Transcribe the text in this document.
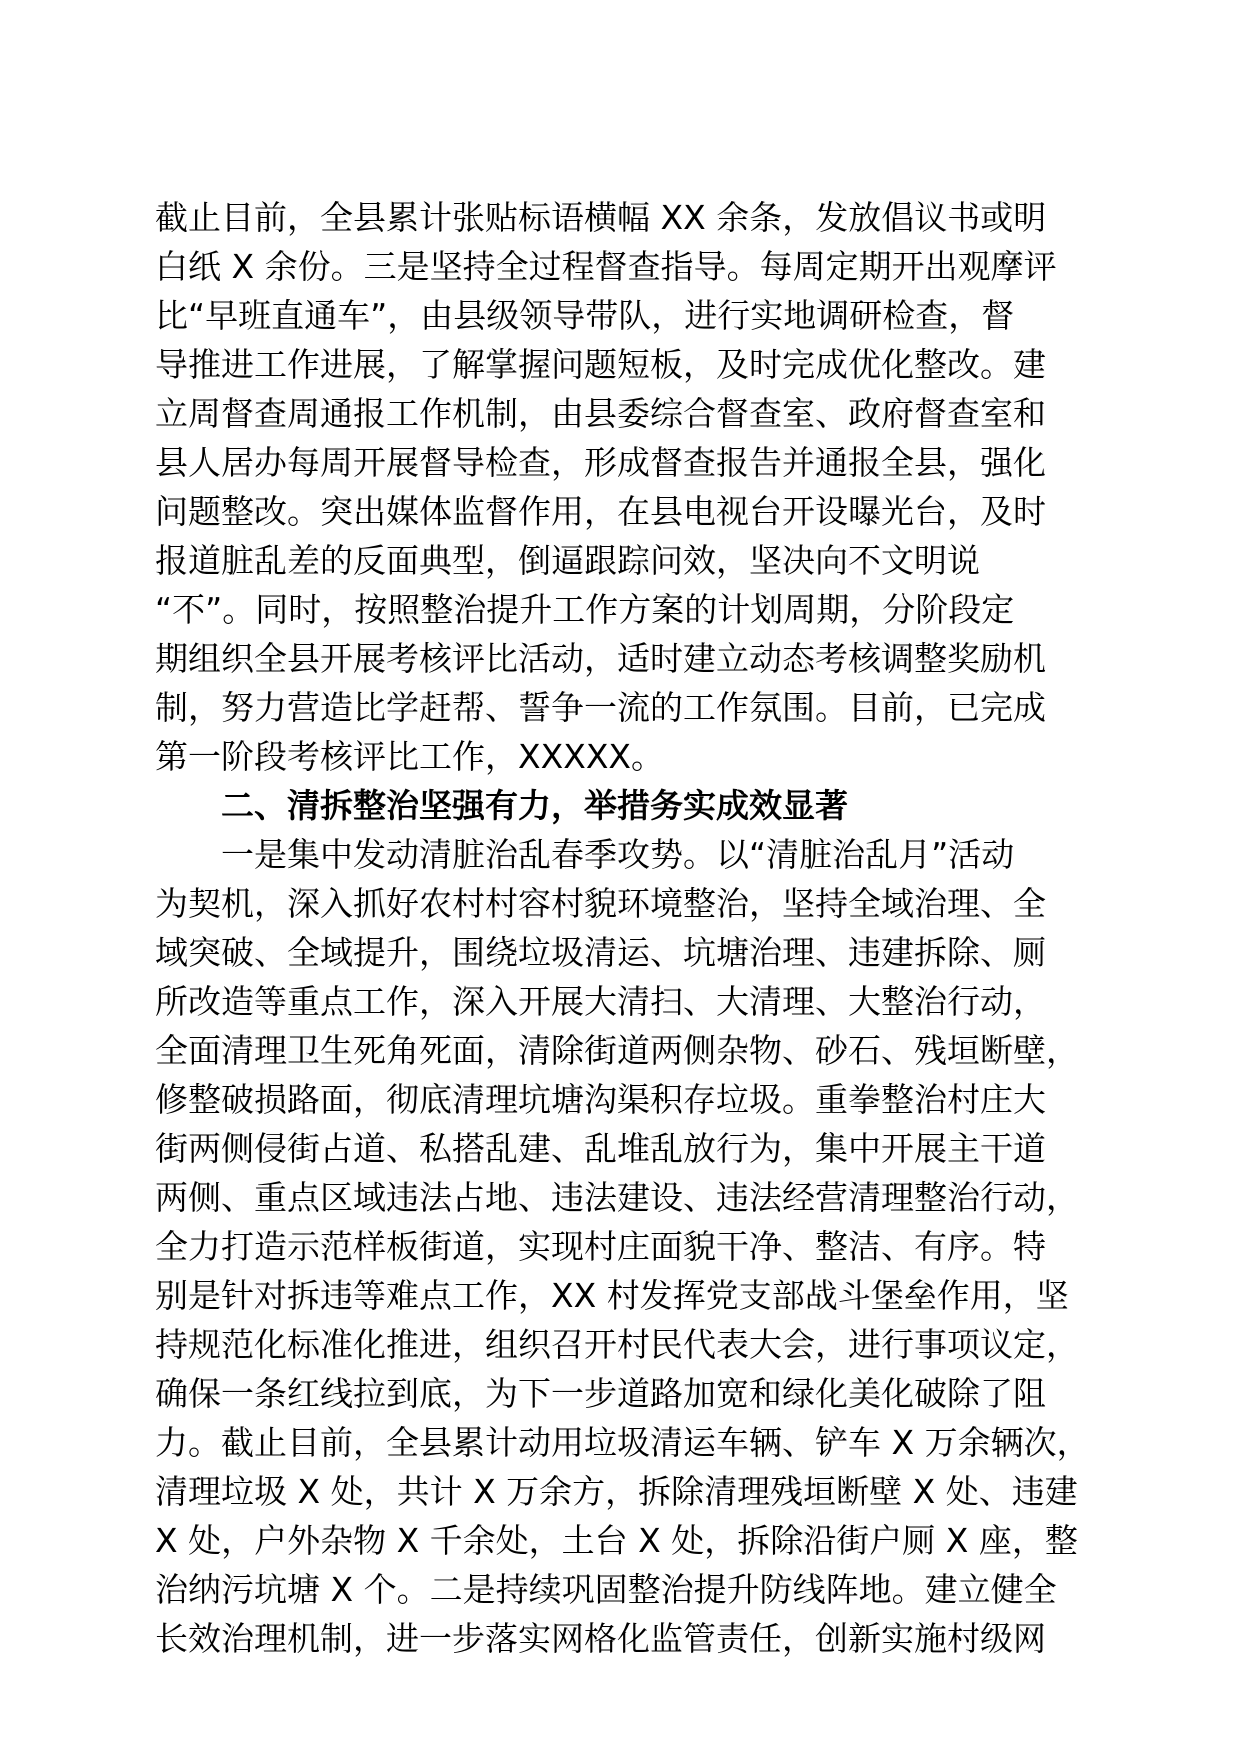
截止目前，全县累计张贴标语横幅 XX 余条，发放倡议书或明
白纸 X 余份。三是坚持全过程督查指导。每周定期开出观摩评
比“早班直通车”，由县级领导带队，进行实地调研检查，督
导推进工作进展，了解掌握问题短板，及时完成优化整改。建
立周督查周通报工作机制，由县委综合督查室、政府督查室和
县人居办每周开展督导检查，形成督查报告并通报全县，强化
问题整改。突出媒体监督作用，在县电视台开设曝光台，及时
报道脏乱差的反面典型，倒逼跟踪问效，坚决向不文明说
“不”。同时，按照整治提升工作方案的计划周期，分阶段定
期组织全县开展考核评比活动，适时建立动态考核调整奖励机
制，努力营造比学赶帮、誓争一流的工作氛围。目前，已完成
第一阶段考核评比工作，XXXXX。
二、清拆整治坚强有力，举措务实成效显著
一是集中发动清脏治乱春季攻势。以“清脏治乱月”活动
为契机，深入抓好农村村容村貌环境整治，坚持全域治理、全
域突破、全域提升，围绕垃圾清运、坑塘治理、违建拆除、厕
所改造等重点工作，深入开展大清扫、大清理、大整治行动，
全面清理卫生死角死面，清除街道两侧杂物、砂石、残垣断壁，
修整破损路面，彻底清理坑塘沟渠积存垃圾。重拳整治村庄大
街两侧侵街占道、私搭乱建、乱堆乱放行为，集中开展主干道
两侧、重点区域违法占地、违法建设、违法经营清理整治行动，
全力打造示范样板街道，实现村庄面貌干净、整洁、有序。特
别是针对拆违等难点工作，XX 村发挥党支部战斗堡垒作用，坚
持规范化标准化推进，组织召开村民代表大会，进行事项议定，
确保一条红线拉到底，为下一步道路加宽和绿化美化破除了阻
力。截止目前，全县累计动用垃圾清运车辆、铲车 X 万余辆次，
清理垃圾 X 处，共计 X 万余方，拆除清理残垣断壁 X 处、违建
X 处，户外杂物 X 千余处，土台 X 处，拆除沿街户厕 X 座，整
治纳污坑塘 X 个。二是持续巩固整治提升防线阵地。建立健全
长效治理机制，进一步落实网格化监管责任，创新实施村级网
